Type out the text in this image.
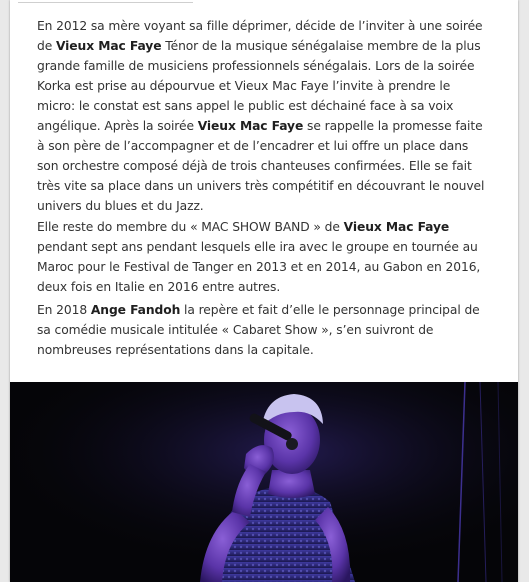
En 2012 sa mère voyant sa fille déprimer, décide de l’inviter à une soirée de Vieux Mac Faye Ténor de la musique sénégalaise membre de la plus grande famille de musiciens professionnels sénégalais. Lors de la soirée Korka est prise au dépourvue et Vieux Mac Faye l’invite à prendre le micro: le constat est sans appel le public est déchainé face à sa voix angélique. Après la soirée Vieux Mac Faye se rappelle la promesse faite à son père de l’accompagner et de l’encadrer et lui offre un place dans son orchestre composé déjà de trois chanteuses confirmées. Elle se fait très vite sa place dans un univers très compétitif en découvrant le nouvel univers du blues et du Jazz.

Elle reste do membre du « MAC SHOW BAND » de Vieux Mac Faye pendant sept ans pendant lesquels elle ira avec le groupe en tournée au Maroc pour le Festival de Tanger en 2013 et en 2014, au Gabon en 2016, deux fois en Italie en 2016 entre autres.

En 2018 Ange Fandoh la repère et fait d’elle le personnage principal de sa comédie musicale intitulée « Cabaret Show », s’en suivront de nombreuses représentations dans la capitale.
